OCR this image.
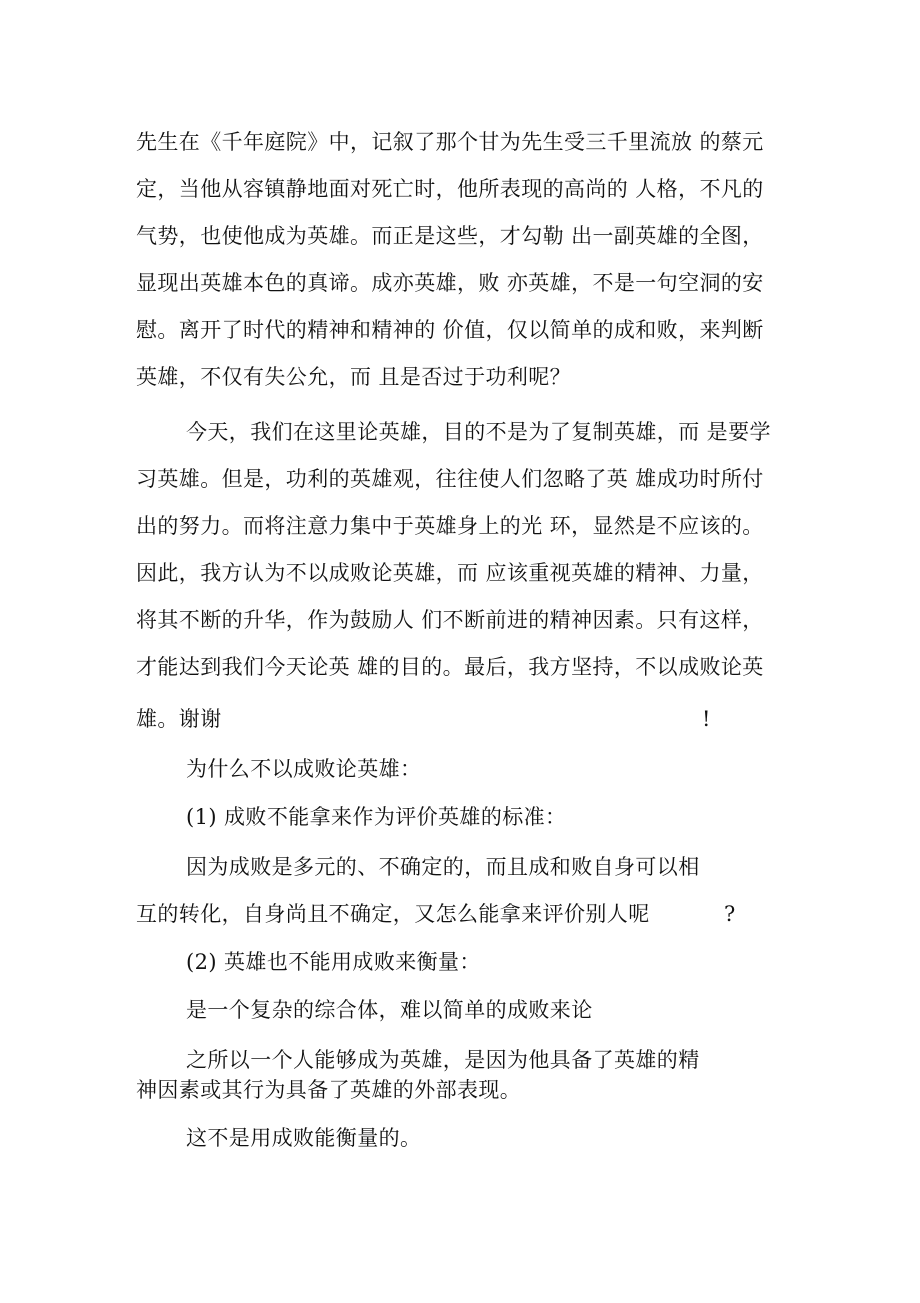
先生在《千年庭院》中，记叙了那个甘为先生受三千里流放 的蔡元
定，当他从容镇静地面对死亡时，他所表现的高尚的 人格，不凡的
气势，也使他成为英雄。而正是这些，才勾勒 出一副英雄的全图，
显现出英雄本色的真谛。成亦英雄，败 亦英雄，不是一句空洞的安
慰。离开了时代的精神和精神的 价值，仅以简单的成和败，来判断
英雄，不仅有失公允，而 且是否过于功利呢？
今天，我们在这里论英雄，目的不是为了复制英雄，而 是要学
习英雄。但是，功利的英雄观，往往使人们忽略了英 雄成功时所付
出的努力。而将注意力集中于英雄身上的光 环，显然是不应该的。
因此，我方认为不以成败论英雄，而 应该重视英雄的精神、力量，
将其不断的升华，作为鼓励人 们不断前进的精神因素。只有这样，
才能达到我们今天论英 雄的目的。最后，我方坚持，不以成败论英
雄。谢谢	!
为什么不以成败论英雄：
(1) 成败不能拿来作为评价英雄的标准：
因为成败是多元的、不确定的，而且成和败自身可以相
互的转化，自身尚且不确定，又怎么能拿来评价别人呢	?
(2) 英雄也不能用成败来衡量：
是一个复杂的综合体，难以简单的成败来论
之所以一个人能够成为英雄，是因为他具备了英雄的精
神因素或其行为具备了英雄的外部表现。
这不是用成败能衡量的。
